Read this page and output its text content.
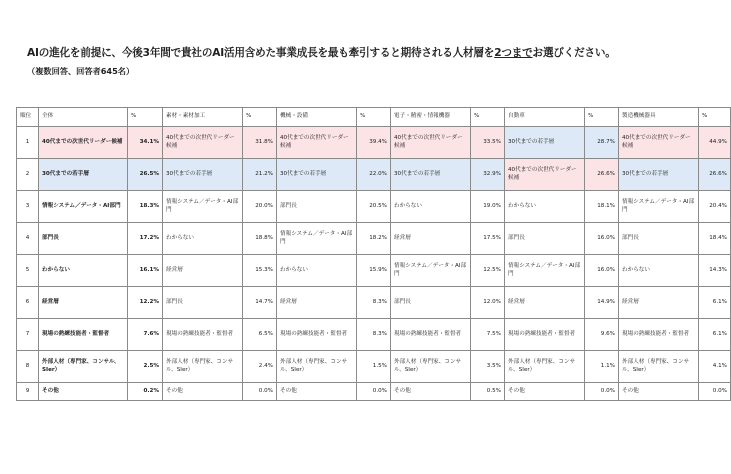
AIの進化を前提に、今後3年間で貴社のAI活用含めた事業成長を最も牽引すると期待される人材層を2つまでお選びください。
（複数回答、回答者645名）
順位	全体	%	素材・素材加工	%	機械・設備	%	電子・精密・情報機器	%	自動車	%	製造機械器具	%
1	40代までの次世代リーダー候補	34.1%	40代までの次世代リーダー候補	31.8%	40代までの次世代リーダー候補	39.4%	40代までの次世代リーダー候補	33.5%	30代までの若手層	28.7%	40代までの次世代リーダー候補	44.9%
2	30代までの若手層	26.5%	30代までの若手層	21.2%	30代までの若手層	22.0%	30代までの若手層	32.9%	40代までの次世代リーダー候補	26.6%	30代までの若手層	26.6%
3	情報システム／データ・AI部門	18.3%	情報システム／データ・AI部門	20.0%	部門長	20.5%	わからない	19.0%	わからない	18.1%	情報システム／データ・AI部門	20.4%
4	部門長	17.2%	わからない	18.8%	情報システム／データ・AI部門	18.2%	経営層	17.5%	部門長	16.0%	部門長	18.4%
5	わからない	16.1%	経営層	15.3%	わからない	15.9%	情報システム／データ・AI部門	12.5%	情報システム／データ・AI部門	16.0%	わからない	14.3%
6	経営層	12.2%	部門長	14.7%	経営層	8.3%	部門長	12.0%	経営層	14.9%	経営層	6.1%
7	現場の熟練技能者・監督者	7.6%	現場の熟練技能者・監督者	6.5%	現場の熟練技能者・監督者	8.3%	現場の熟練技能者・監督者	7.5%	現場の熟練技能者・監督者	9.6%	現場の熟練技能者・監督者	6.1%
8	外部人材（専門家、コンサル、SIer）	2.5%	外部人材（専門家、コンサル、SIer）	2.4%	外部人材（専門家、コンサル、SIer）	1.5%	外部人材（専門家、コンサル、SIer）	3.5%	外部人材（専門家、コンサル、SIer）	1.1%	外部人材（専門家、コンサル、SIer）	4.1%
9	その他	0.2%	その他	0.0%	その他	0.0%	その他	0.5%	その他	0.0%	その他	0.0%
